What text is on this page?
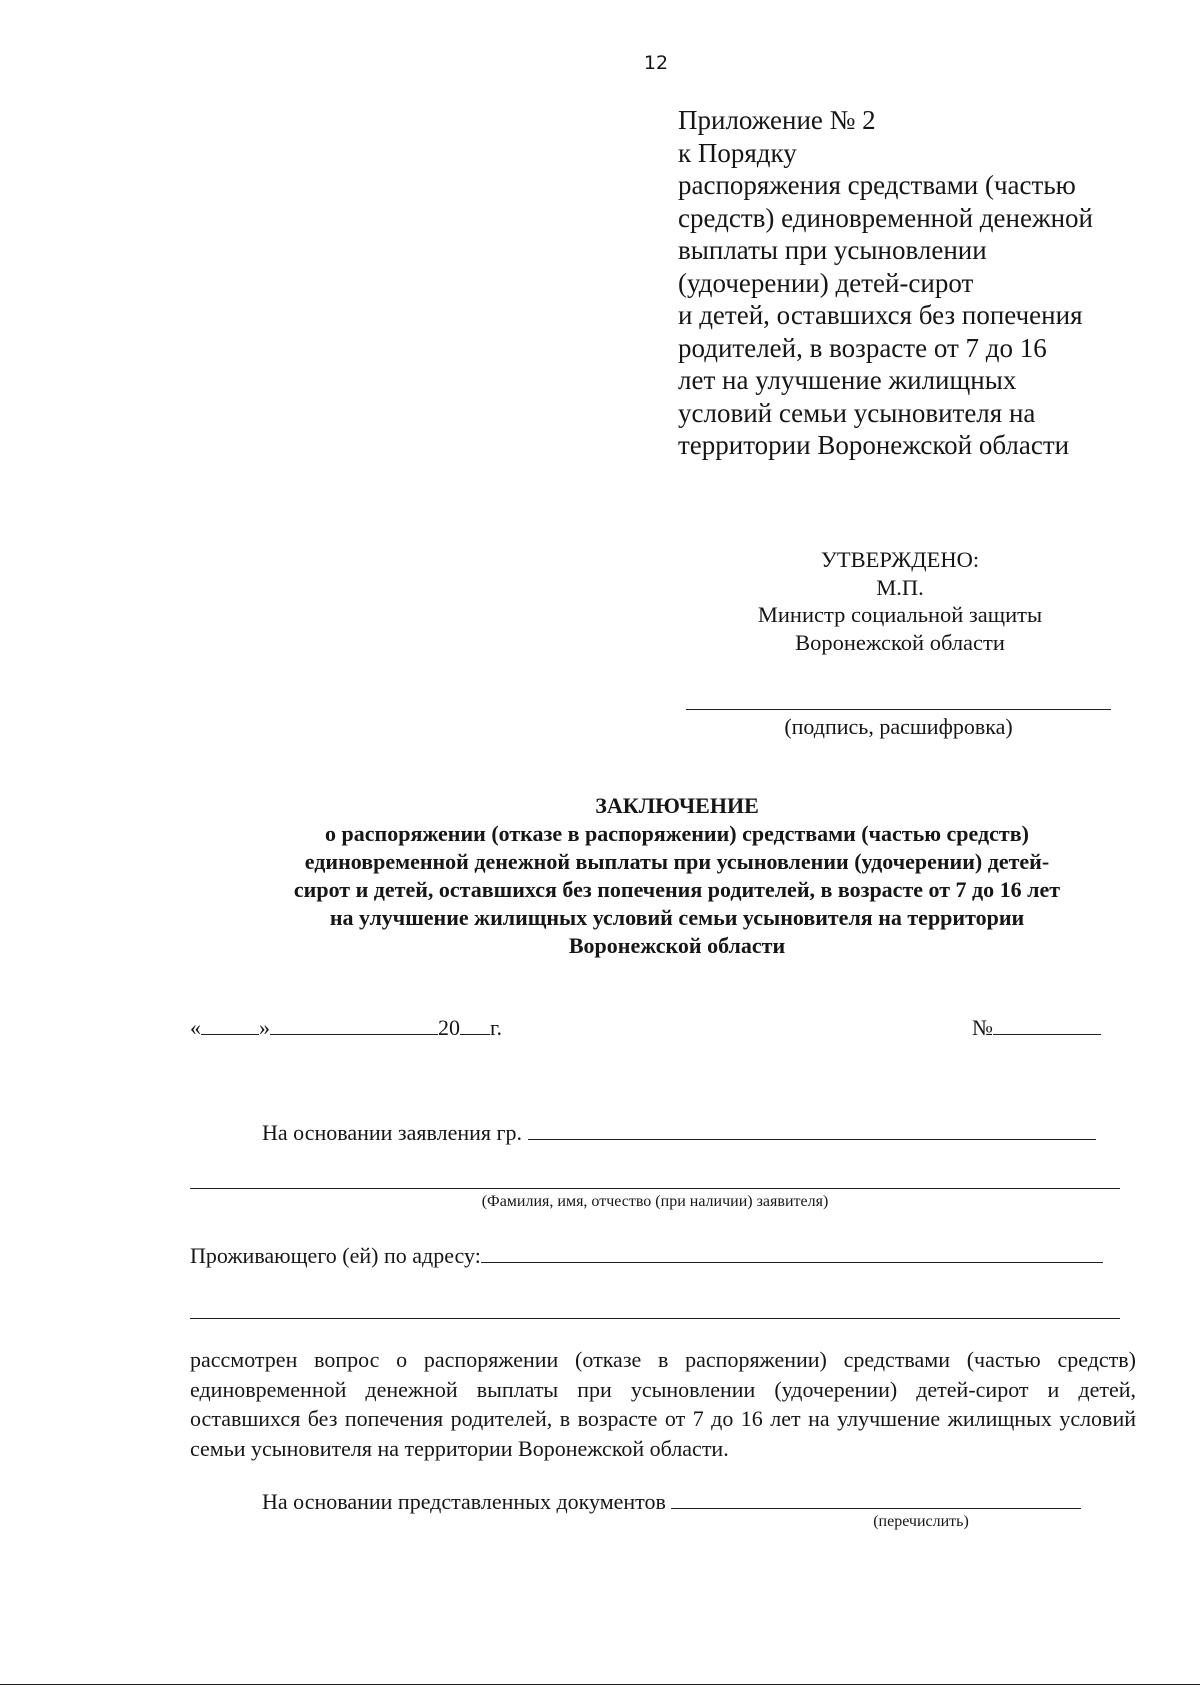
12
Приложение № 2
к Порядку
распоряжения средствами (частью
средств) единовременной денежной
выплаты при усыновлении
(удочерении) детей-сирот
и детей, оставшихся без попечения
родителей, в возрасте от 7 до 16
лет на улучшение жилищных
условий семьи усыновителя на
территории Воронежской области
УТВЕРЖДЕНО:
М.П.
Министр социальной защиты
Воронежской области
(подпись, расшифровка)
ЗАКЛЮЧЕНИЕ
о распоряжении (отказе в распоряжении) средствами (частью средств)
единовременной денежной выплаты при усыновлении (удочерении) детей-
сирот и детей, оставшихся без попечения родителей, в возрасте от 7 до 16 лет
на улучшение жилищных условий семьи усыновителя на территории
Воронежской области
«	»	20 г.	№
На основании заявления гр.
(Фамилия, имя, отчество (при наличии) заявителя)
Проживающего (ей) по адресу:
рассмотрен вопрос о распоряжении (отказе в распоряжении) средствами (частью средств) единовременной денежной выплаты при усыновлении (удочерении) детей-сирот и детей, оставшихся без попечения родителей, в возрасте от 7 до 16 лет на улучшение жилищных условий семьи усыновителя на территории Воронежской области.
На основании представленных документов
(перечислить)
